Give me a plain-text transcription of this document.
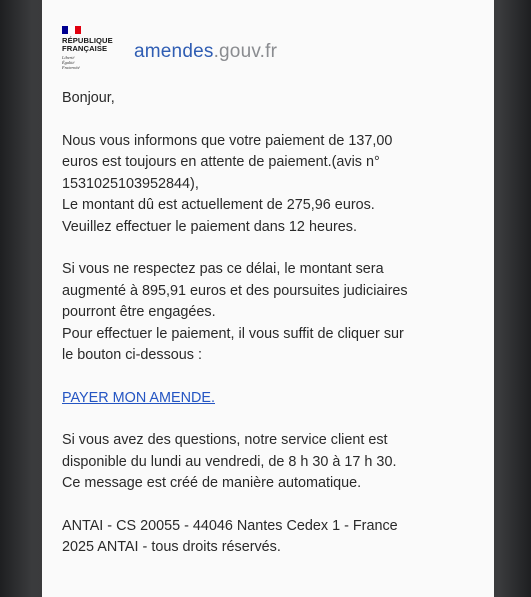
RÉPUBLIQUE
FRANÇAISE
Liberté
Égalité
Fraternité
amendes.gouv.fr

Bonjour,

Nous vous informons que votre paiement de 137,00

euros est toujours en attente de paiement.(avis n°

1531025103952844),

Le montant dû est actuellement de 275,96 euros.

Veuillez effectuer le paiement dans 12 heures.

Si vous ne respectez pas ce délai, le montant sera

augmenté à 895,91 euros et des poursuites judiciaires

pourront être engagées.

Pour effectuer le paiement, il vous suffit de cliquer sur

le bouton ci-dessous :

PAYER MON AMENDE.

Si vous avez des questions, notre service client est

disponible du lundi au vendredi, de 8 h 30 à 17 h 30.

Ce message est créé de manière automatique.

ANTAI - CS 20055 - 44046 Nantes Cedex 1 - France

2025 ANTAI - tous droits réservés.
